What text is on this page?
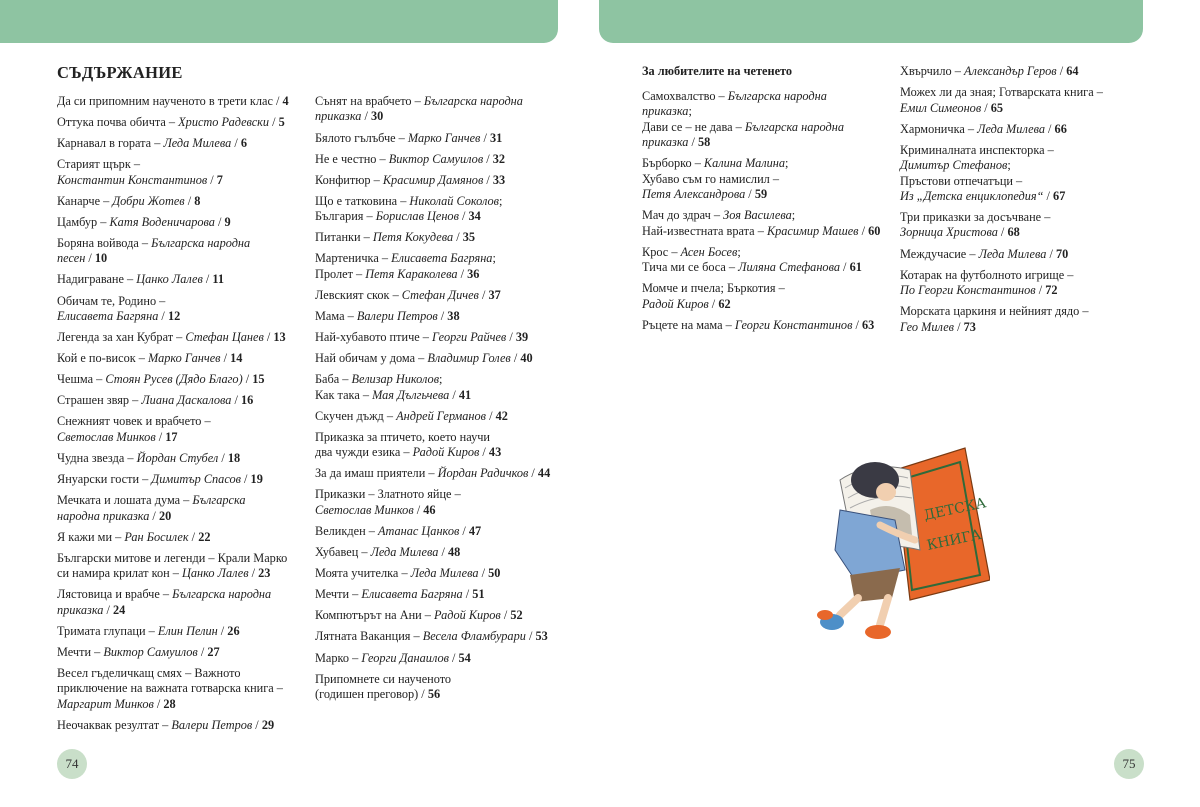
СЪДЪРЖАНИЕ
Да си припомним наученото в трети клас / 4
Оттука почва обичта – Христо Радевски / 5
Карнавал в гората – Леда Милева / 6
Старият щърк –
Константин Константинов / 7
Канарче – Добри Жотев / 8
Цамбур – Катя Воденичарова / 9
Боряна войвода – Българска народна
песен / 10
Надиграване – Цанко Лалев / 11
Обичам те, Родино –
Елисавета Багряна / 12
Легенда за хан Кубрат – Стефан Цанев / 13
Кой е по-висок – Марко Ганчев / 14
Чешма – Стоян Русев (Дядо Благо) / 15
Страшен звяр – Лиана Даскалова / 16
Снежният човек и врабчето –
Светослав Минков / 17
Чудна звезда – Йордан Стубел / 18
Януарски гости – Димитър Спасов / 19
Мечката и лошата дума – Българска
народна приказка / 20
Я кажи ми – Ран Босилек / 22
Български митове и легенди – Крали Марко
си намира крилат кон – Цанко Лалев / 23
Лястовица и врабче – Българска народна
приказка / 24
Тримата глупаци – Елин Пелин / 26
Мечти – Виктор Самуилов / 27
Весел гъделичкащ смях – Важното
приключение на важната готварска книга –
Маргарит Минков / 28
Неочаквак резултат – Валери Петров / 29
Сънят на врабчето – Българска народна
приказка / 30
Бялото гълъбче – Марко Ганчев / 31
Не е честно – Виктор Самуилов / 32
Конфитюр – Красимир Дамянов / 33
Що е татковина – Николай Соколов;
България – Борислав Ценов / 34
Питанки – Петя Кокудева / 35
Мартеничка – Елисавета Багряна;
Пролет – Петя Караколева / 36
Левският скок – Стефан Дичев / 37
Мама – Валери Петров / 38
Най-хубавото птиче – Георги Райчев / 39
Най обичам у дома – Владимир Голев / 40
Баба – Велизар Николов;
Как така – Мая Дългьчева / 41
Скучен дъжд – Андрей Германов / 42
Приказка за птичето, което научи
два чужди езика – Радой Киров / 43
За да имаш приятели – Йордан Радичков / 44
Приказки – Златното яйце –
Светослав Минков / 46
Великден – Атанас Цанков / 47
Хубавец – Леда Милева / 48
Моята учителка – Леда Милева / 50
Мечти – Елисавета Багряна / 51
Компютърът на Ани – Радой Киров / 52
Лятната Ваканция – Весела Фламбурари / 53
Марко – Георги Данаилов / 54
Припомнете си наученото
(годишен преговор) / 56
За любителите на четенето
Самохвалство – Българска народна
приказка;
Дави се – не дава – Българска народна
приказка / 58
Бърборко – Калина Малина;
Хубаво съм го намислил –
Петя Александрова / 59
Мач до здрач – Зоя Василева;
Най-известната врата – Красимир Машев / 60
Крос – Асен Босев;
Тича ми се боса – Лиляна Стефанова / 61
Момче и пчела; Бъркотия –
Радой Киров / 62
Ръцете на мама – Георги Константинов / 63
Хвърчило – Александър Геров / 64
Можех ли да зная; Готварската книга –
Емил Симеонов / 65
Хармоничка – Леда Милева / 66
Криминалната инспекторка –
Димитър Стефанов;
Пръстови отпечатъци –
Из „Детска енциклопедия“ / 67
Три приказки за досъчване –
Зорница Христова / 68
Междучасие – Леда Милева / 70
Котарак на футболното игрище –
По Георги Константинов / 72
Морската царкиня и нейният дядо –
Гео Милев / 73
ДЕТСКА
КНИГА
74	75
